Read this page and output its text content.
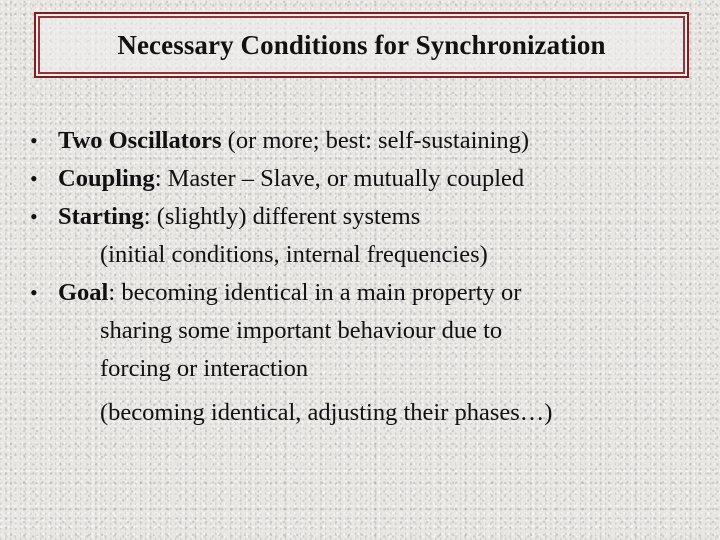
Necessary Conditions for Synchronization
• Two Oscillators (or more; best: self-sustaining)
• Coupling: Master – Slave, or mutually coupled
• Starting: (slightly) different systems
(initial conditions, internal frequencies)
• Goal: becoming identical in a main property or
sharing some important behaviour due to
forcing or interaction
(becoming identical, adjusting their phases…)
